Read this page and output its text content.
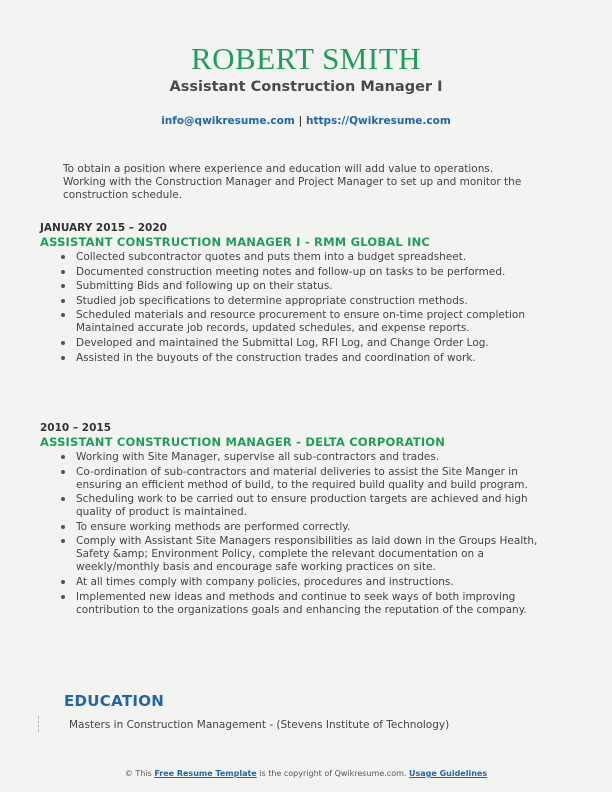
ROBERT SMITH
Assistant Construction Manager I
info@qwikresume.com | https://Qwikresume.com
To obtain a position where experience and education will add value to operations. Working with the Construction Manager and Project Manager to set up and monitor the construction schedule.
JANUARY 2015 – 2020
ASSISTANT CONSTRUCTION MANAGER I - RMM GLOBAL INC
Collected subcontractor quotes and puts them into a budget spreadsheet.
Documented construction meeting notes and follow-up on tasks to be performed.
Submitting Bids and following up on their status.
Studied job specifications to determine appropriate construction methods.
Scheduled materials and resource procurement to ensure on-time project completion Maintained accurate job records, updated schedules, and expense reports.
Developed and maintained the Submittal Log, RFI Log, and Change Order Log.
Assisted in the buyouts of the construction trades and coordination of work.
2010 – 2015
ASSISTANT CONSTRUCTION MANAGER - DELTA CORPORATION
Working with Site Manager, supervise all sub-contractors and trades.
Co-ordination of sub-contractors and material deliveries to assist the Site Manger in ensuring an efficient method of build, to the required build quality and build program.
Scheduling work to be carried out to ensure production targets are achieved and high quality of product is maintained.
To ensure working methods are performed correctly.
Comply with Assistant Site Managers responsibilities as laid down in the Groups Health, Safety &amp; Environment Policy, complete the relevant documentation on a weekly/monthly basis and encourage safe working practices on site.
At all times comply with company policies, procedures and instructions.
Implemented new ideas and methods and continue to seek ways of both improving contribution to the organizations goals and enhancing the reputation of the company.
EDUCATION
Masters in Construction Management - (Stevens Institute of Technology)
© This Free Resume Template is the copyright of Qwikresume.com. Usage Guidelines
